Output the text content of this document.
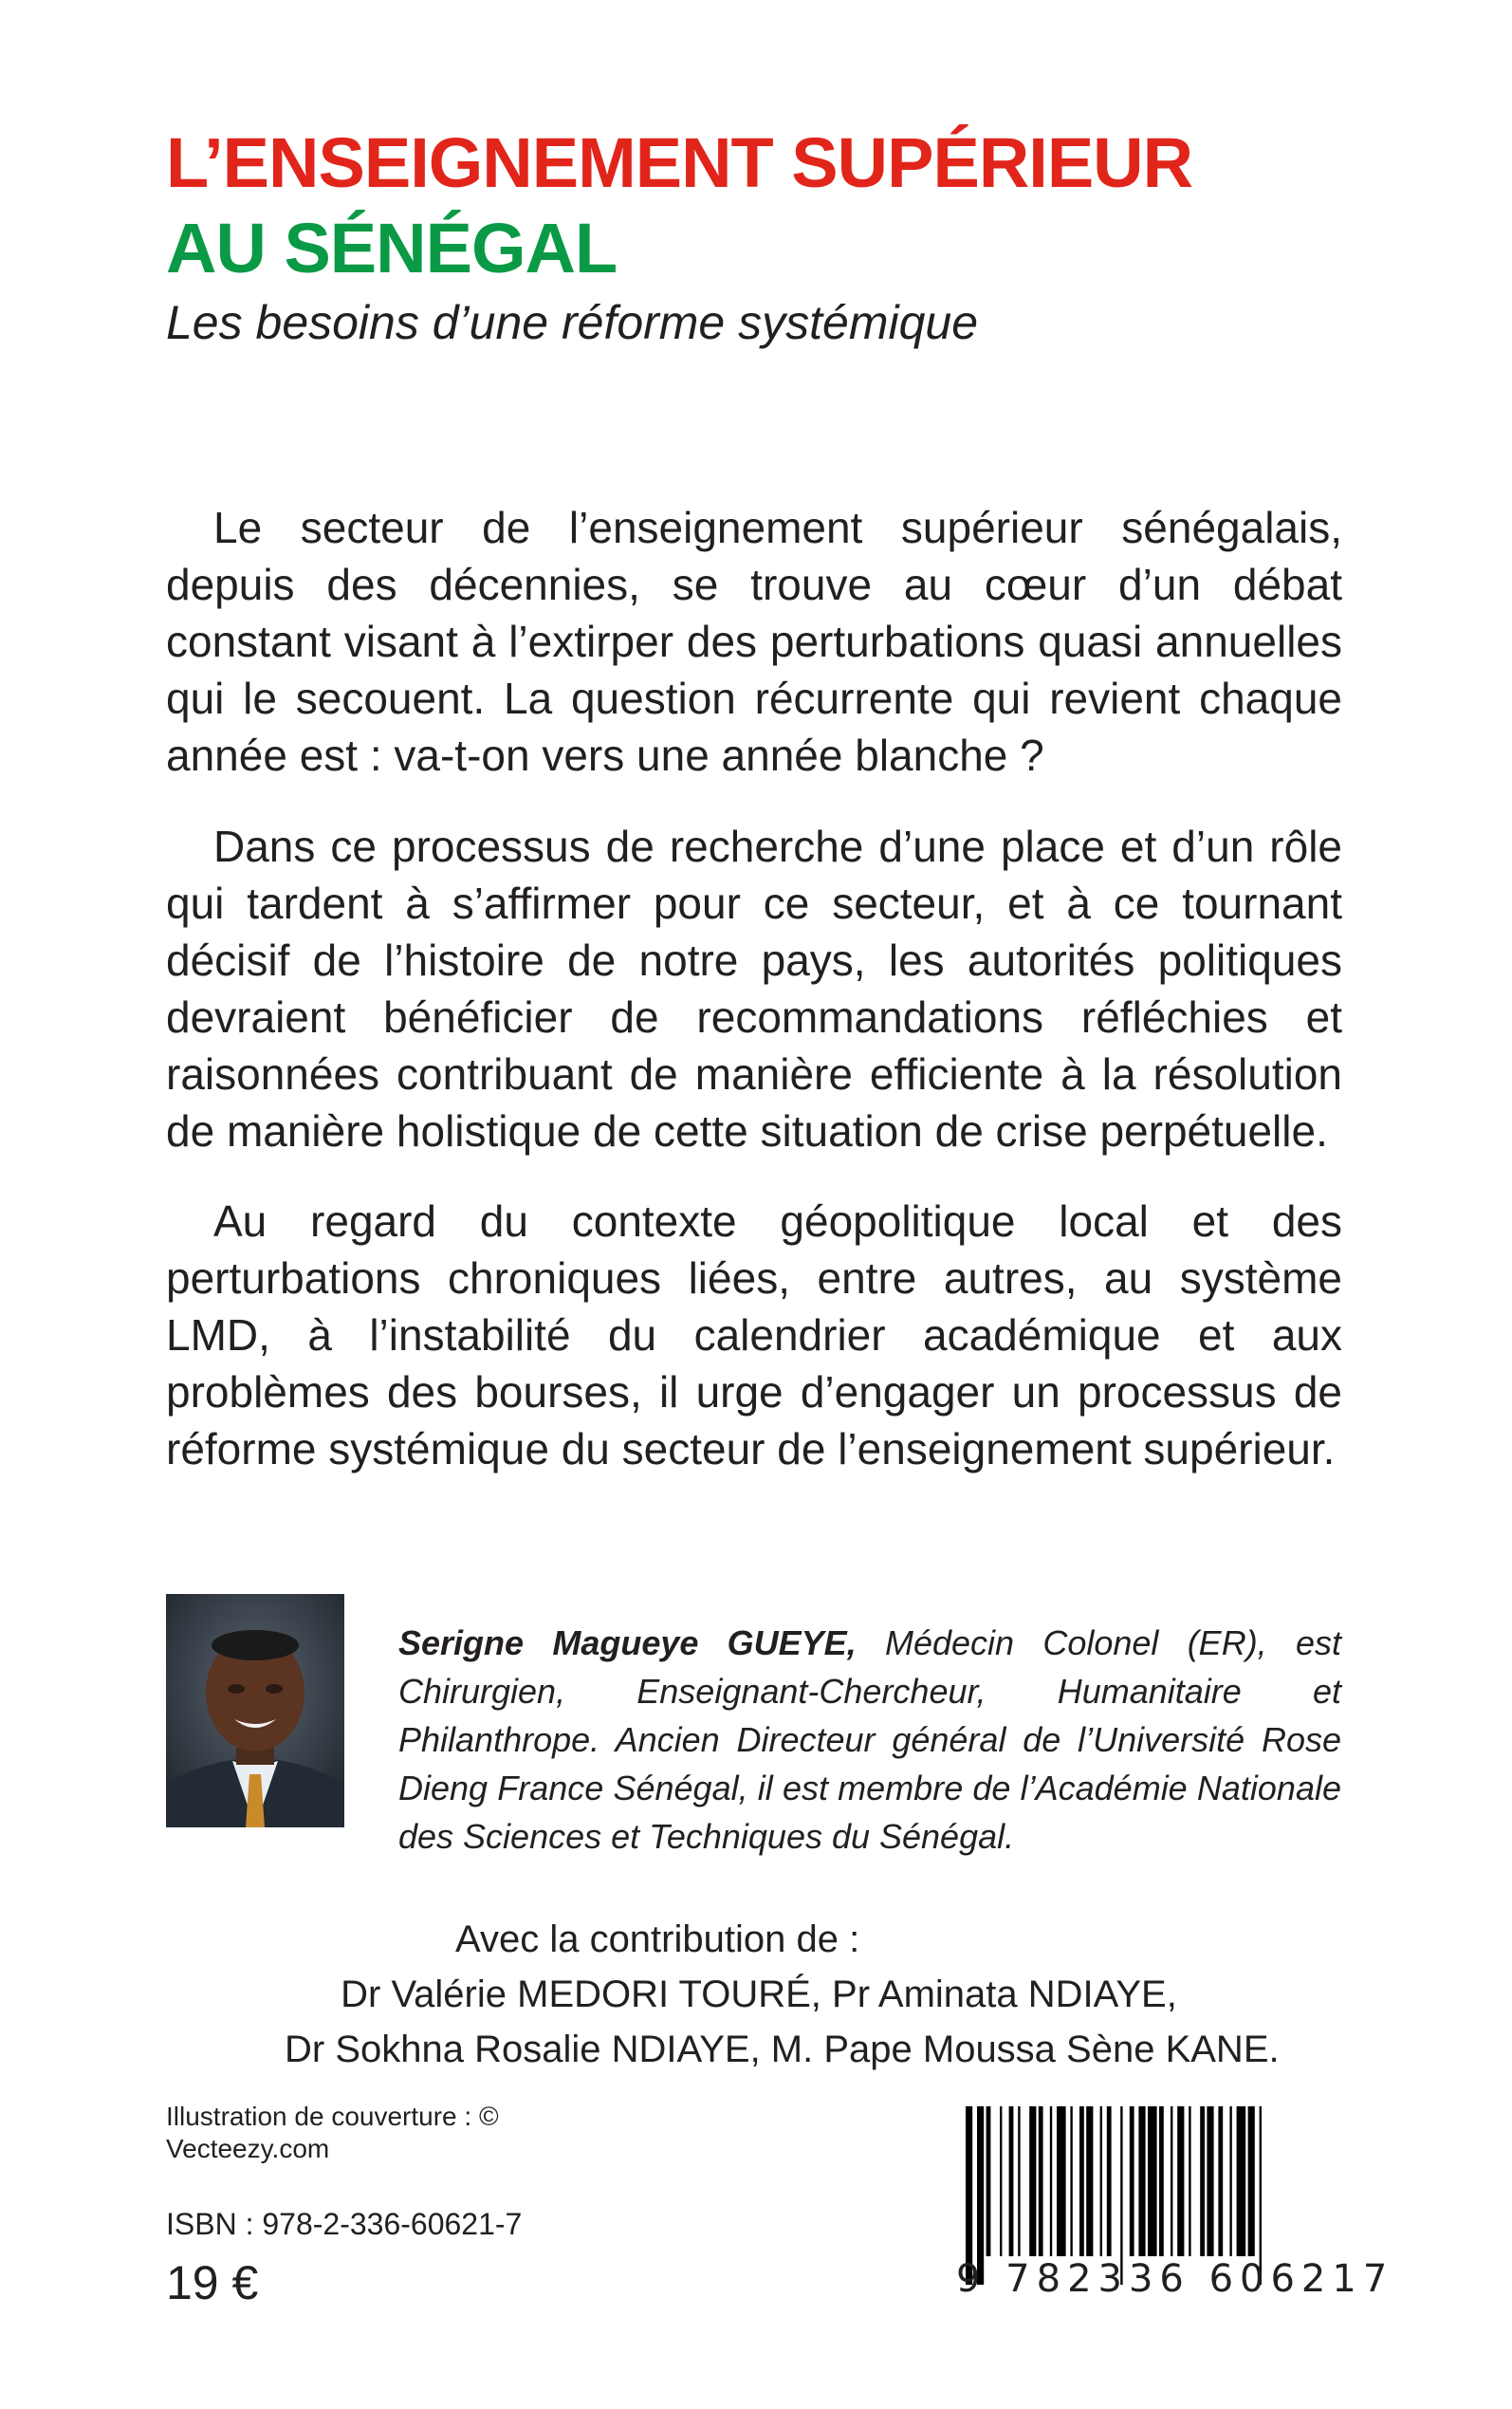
L’ENSEIGNEMENT SUPÉRIEUR
AU SÉNÉGAL

Les besoins d’une réforme systémique

Le secteur de l’enseignement supérieur sénégalais, depuis des décennies, se trouve au cœur d’un débat constant visant à l’extirper des perturbations quasi annuelles qui le secouent. La question récurrente qui revient chaque année est : va-t-on vers une année blanche ?

Dans ce processus de recherche d’une place et d’un rôle qui tardent à s’affirmer pour ce secteur, et à ce tournant décisif de l’histoire de notre pays, les autorités politiques devraient bénéficier de recommandations réfléchies et raisonnées contribuant de manière efficiente à la résolution de manière holistique de cette situation de crise perpétuelle.

Au regard du contexte géopolitique local et des perturbations chroniques liées, entre autres, au système LMD, à l’instabilité du calendrier académique et aux problèmes des bourses, il urge d’engager un processus de réforme systémique du secteur de l’enseignement supérieur.

Serigne Magueye GUEYE, Médecin Colonel (ER), est Chirurgien, Enseignant-Chercheur, Humanitaire et Philanthrope. Ancien Directeur général de l’Université Rose Dieng France Sénégal, il est membre de l’Académie Nationale des Sciences et Techniques du Sénégal.

Avec la contribution de :

Dr Valérie MEDORI TOURÉ, Pr Aminata NDIAYE,

Dr Sokhna Rosalie NDIAYE, M. Pape Moussa Sène KANE.

Illustration de couverture : © Vecteezy.com

ISBN : 978-2-336-60621-7

19 €	9 782336 606217
